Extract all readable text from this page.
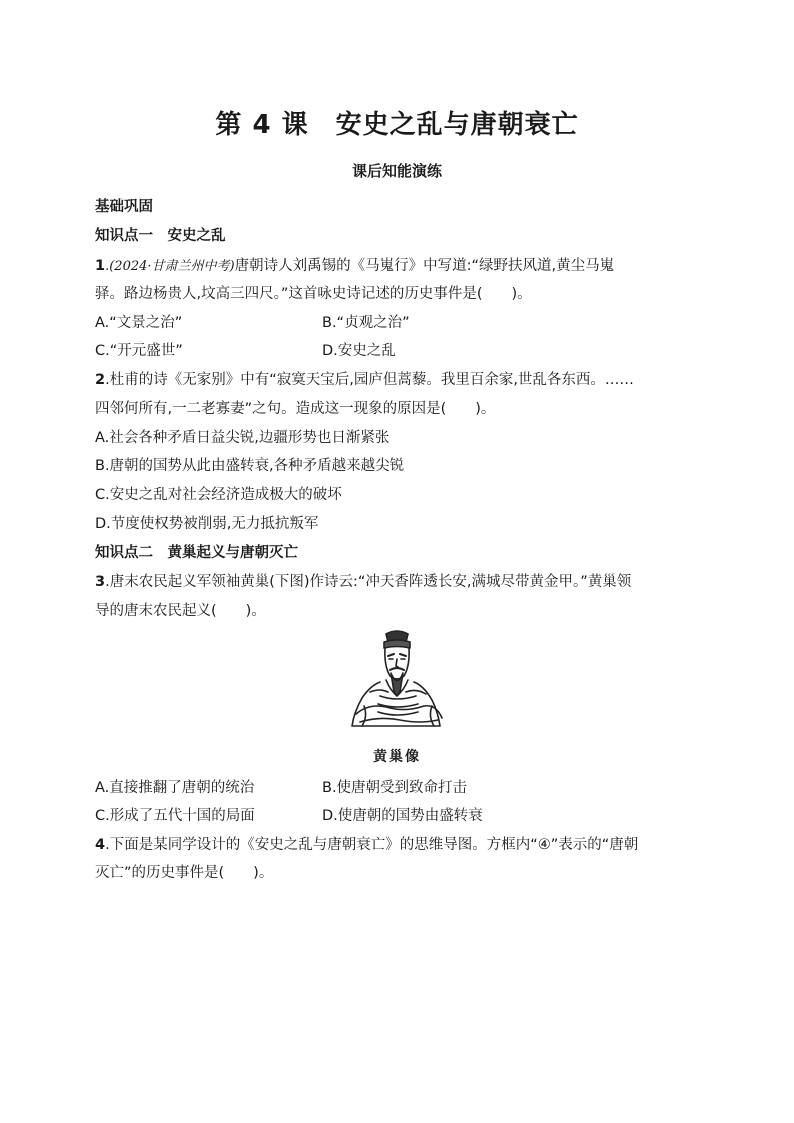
第 4 课　安史之乱与唐朝衰亡
课后知能演练
基础巩固
知识点一　安史之乱
1.(2024·甘肃兰州中考)唐朝诗人刘禹锡的《马嵬行》中写道:“绿野扶风道,黄尘马嵬
驿。路边杨贵人,坟高三四尺。”这首咏史诗记述的历史事件是(　　)。
A.“文景之治”	B.“贞观之治”
C.“开元盛世”	D.安史之乱
2.杜甫的诗《无家别》中有“寂寞天宝后,园庐但蒿藜。我里百余家,世乱各东西。……
四邻何所有,一二老寡妻”之句。造成这一现象的原因是(　　)。
A.社会各种矛盾日益尖锐,边疆形势也日渐紧张
B.唐朝的国势从此由盛转衰,各种矛盾越来越尖锐
C.安史之乱对社会经济造成极大的破坏
D.节度使权势被削弱,无力抵抗叛军
知识点二　黄巢起义与唐朝灭亡
3.唐末农民起义军领袖黄巢(下图)作诗云:“冲天香阵透长安,满城尽带黄金甲。”黄巢领
导的唐末农民起义(　　)。
黄巢像
A.直接推翻了唐朝的统治	B.使唐朝受到致命打击
C.形成了五代十国的局面	D.使唐朝的国势由盛转衰
4.下面是某同学设计的《安史之乱与唐朝衰亡》的思维导图。方框内“④”表示的“唐朝
灭亡”的历史事件是(　　)。
